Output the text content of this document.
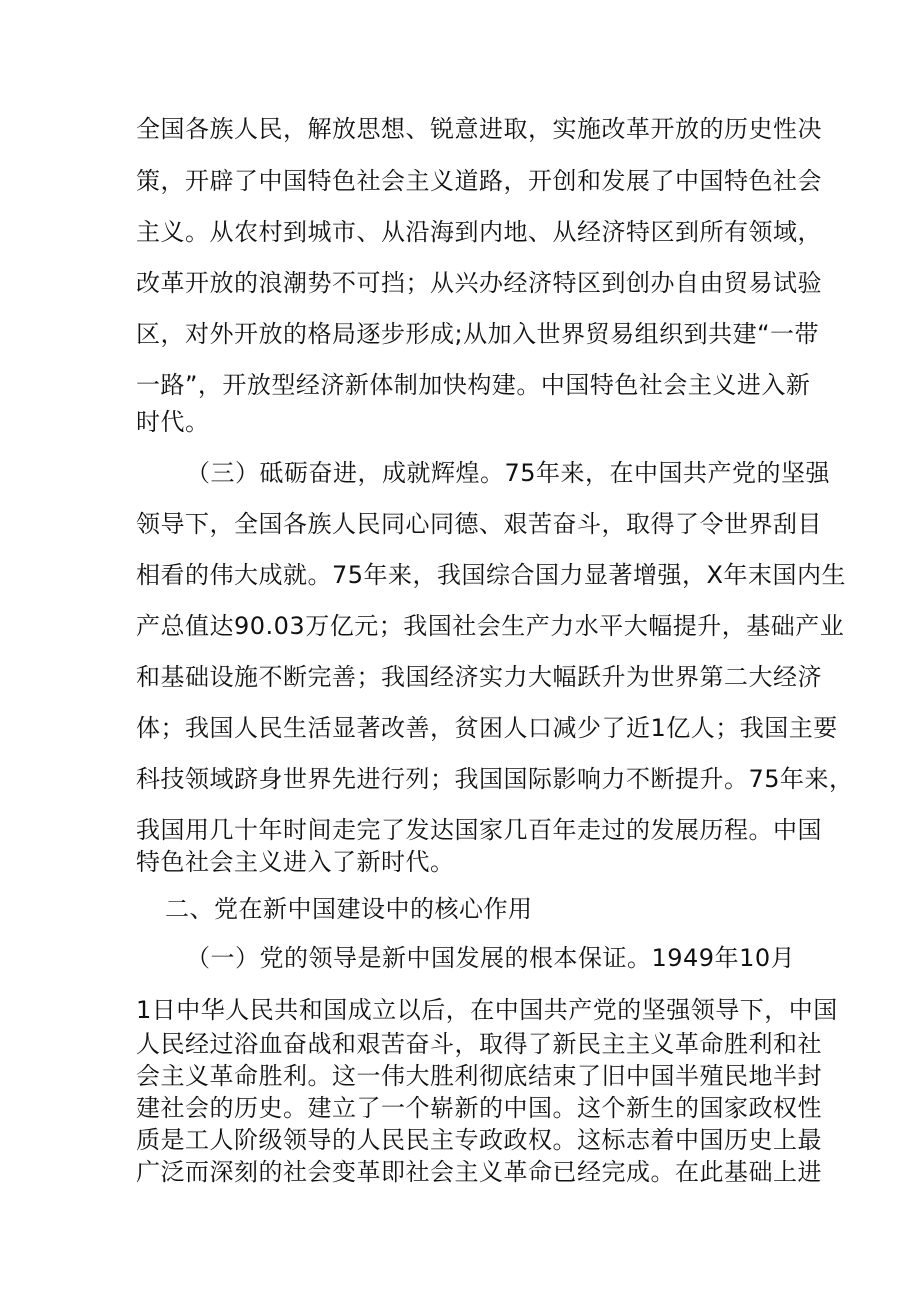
全国各族人民，解放思想、锐意进取，实施改革开放的历史性决
策，开辟了中国特色社会主义道路，开创和发展了中国特色社会
主义。从农村到城市、从沿海到内地、从经济特区到所有领域，
改革开放的浪潮势不可挡；从兴办经济特区到创办自由贸易试验
区，对外开放的格局逐步形成;从加入世界贸易组织到共建“一带
一路”，开放型经济新体制加快构建。中国特色社会主义进入新
时代。
（三）砥砺奋进，成就辉煌。75年来，在中国共产党的坚强
领导下，全国各族人民同心同德、艰苦奋斗，取得了令世界刮目
相看的伟大成就。75年来，我国综合国力显著增强，X年末国内生
产总值达90.03万亿元；我国社会生产力水平大幅提升，基础产业
和基础设施不断完善；我国经济实力大幅跃升为世界第二大经济
体；我国人民生活显著改善，贫困人口减少了近1亿人；我国主要
科技领域跻身世界先进行列；我国国际影响力不断提升。75年来，
我国用几十年时间走完了发达国家几百年走过的发展历程。中国
特色社会主义进入了新时代。
二、党在新中国建设中的核心作用
（一）党的领导是新中国发展的根本保证。1949年10月
1日中华人民共和国成立以后，在中国共产党的坚强领导下，中国
人民经过浴血奋战和艰苦奋斗，取得了新民主主义革命胜利和社
会主义革命胜利。这一伟大胜利彻底结束了旧中国半殖民地半封
建社会的历史。建立了一个崭新的中国。这个新生的国家政权性
质是工人阶级领导的人民民主专政政权。这标志着中国历史上最
广泛而深刻的社会变革即社会主义革命已经完成。在此基础上进
